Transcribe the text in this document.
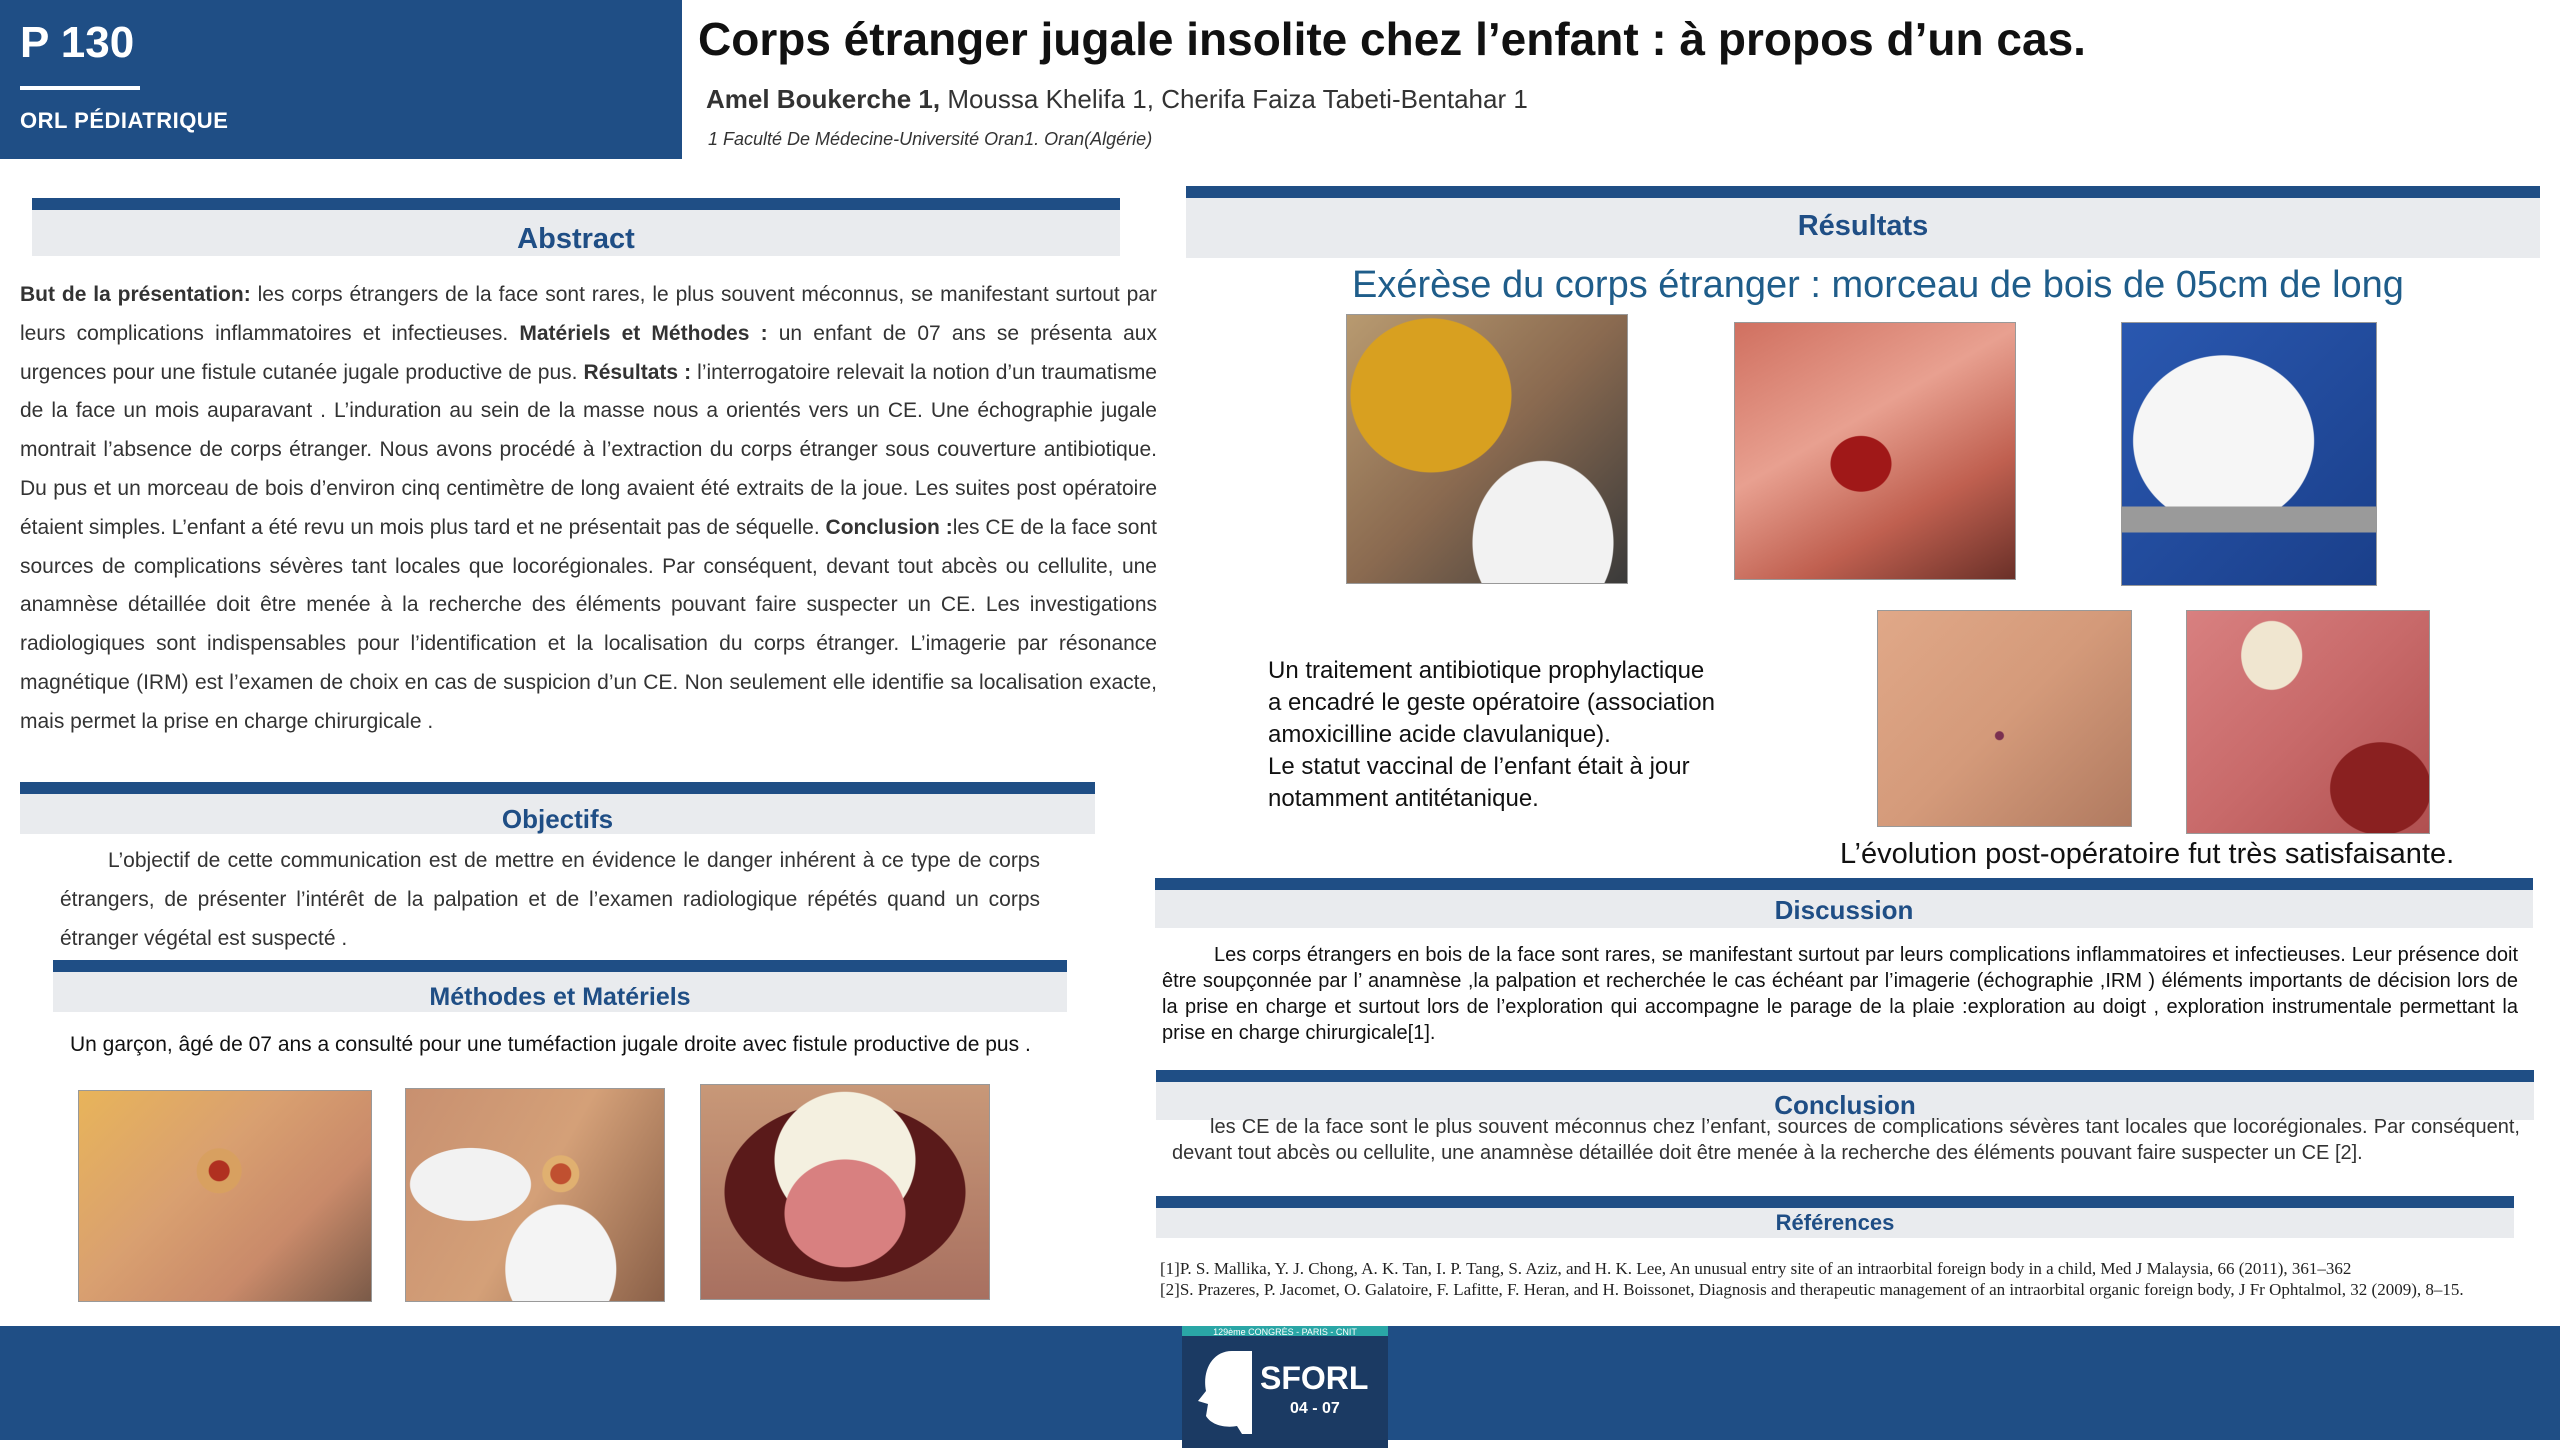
P 130
ORL PÉDIATRIQUE
Corps étranger jugale insolite chez l’enfant : à propos d’un cas.
Amel Boukerche 1, Moussa Khelifa 1, Cherifa Faiza Tabeti-Bentahar 1
1 Faculté De Médecine-Université Oran1. Oran(Algérie)
Abstract
But de la présentation: les corps étrangers de la face sont rares, le plus souvent méconnus, se manifestant surtout par leurs complications inflammatoires et infectieuses. Matériels et Méthodes : un enfant de 07 ans se présenta aux urgences pour une fistule cutanée jugale productive de pus. Résultats : l’interrogatoire relevait la notion d’un traumatisme de la face un mois auparavant . L’induration au sein de la masse nous a orientés vers un CE. Une échographie jugale montrait l’absence de corps étranger. Nous avons procédé à l’extraction du corps étranger sous couverture antibiotique. Du pus et un morceau de bois d’environ cinq centimètre de long avaient été extraits de la joue. Les suites post opératoire étaient simples. L’enfant a été revu un mois plus tard et ne présentait pas de séquelle. Conclusion :les CE de la face sont sources de complications sévères tant locales que locorégionales. Par conséquent, devant tout abcès ou cellulite, une anamnèse détaillée doit être menée à la recherche des éléments pouvant faire suspecter un CE. Les investigations radiologiques sont indispensables pour l’identification et la localisation du corps étranger. L’imagerie par résonance magnétique (IRM) est l’examen de choix en cas de suspicion d’un CE. Non seulement elle identifie sa localisation exacte, mais permet la prise en charge chirurgicale .
Objectifs
L’objectif de cette communication est de mettre en évidence le danger inhérent à ce type de corps étrangers, de présenter l’intérêt de la palpation et de l’examen radiologique répétés quand un corps étranger végétal est suspecté .
Méthodes et Matériels
Un garçon, âgé de 07 ans a consulté pour une tuméfaction jugale droite avec fistule productive de pus .
Résultats
Exérèse du corps étranger : morceau de bois de 05cm de long
Un traitement antibiotique prophylactique
a encadré le geste opératoire (association amoxicilline acide clavulanique).
Le statut vaccinal de l’enfant était à jour notamment antitétanique.
L’évolution post-opératoire fut très satisfaisante.
Discussion
Les corps étrangers en bois de la face sont rares, se manifestant surtout par leurs complications inflammatoires et infectieuses. Leur présence doit être soupçonnée par l’ anamnèse ,la palpation et recherchée le cas échéant par l’imagerie (échographie ,IRM ) éléments importants de décision lors de la prise en charge et surtout lors de l’exploration qui accompagne le parage de la plaie :exploration au doigt , exploration instrumentale permettant la prise en charge chirurgicale[1].
Conclusion
les CE de la face sont le plus souvent méconnus chez l’enfant, sources de complications sévères tant locales que locorégionales. Par conséquent, devant tout abcès ou cellulite, une anamnèse détaillée doit être menée à la recherche des éléments pouvant faire suspecter un CE [2].
Références
[1]P. S. Mallika, Y. J. Chong, A. K. Tan, I. P. Tang, S. Aziz, and H. K. Lee, An unusual entry site of an intraorbital foreign body in a child, Med J Malaysia, 66 (2011), 361–362
[2]S. Prazeres, P. Jacomet, O. Galatoire, F. Lafitte, F. Heran, and H. Boissonet, Diagnosis and therapeutic management of an intraorbital organic foreign body, J Fr Ophtalmol, 32 (2009), 8–15.
129ème CONGRÈS - PARIS - CNIT
SFORL
04 - 07
